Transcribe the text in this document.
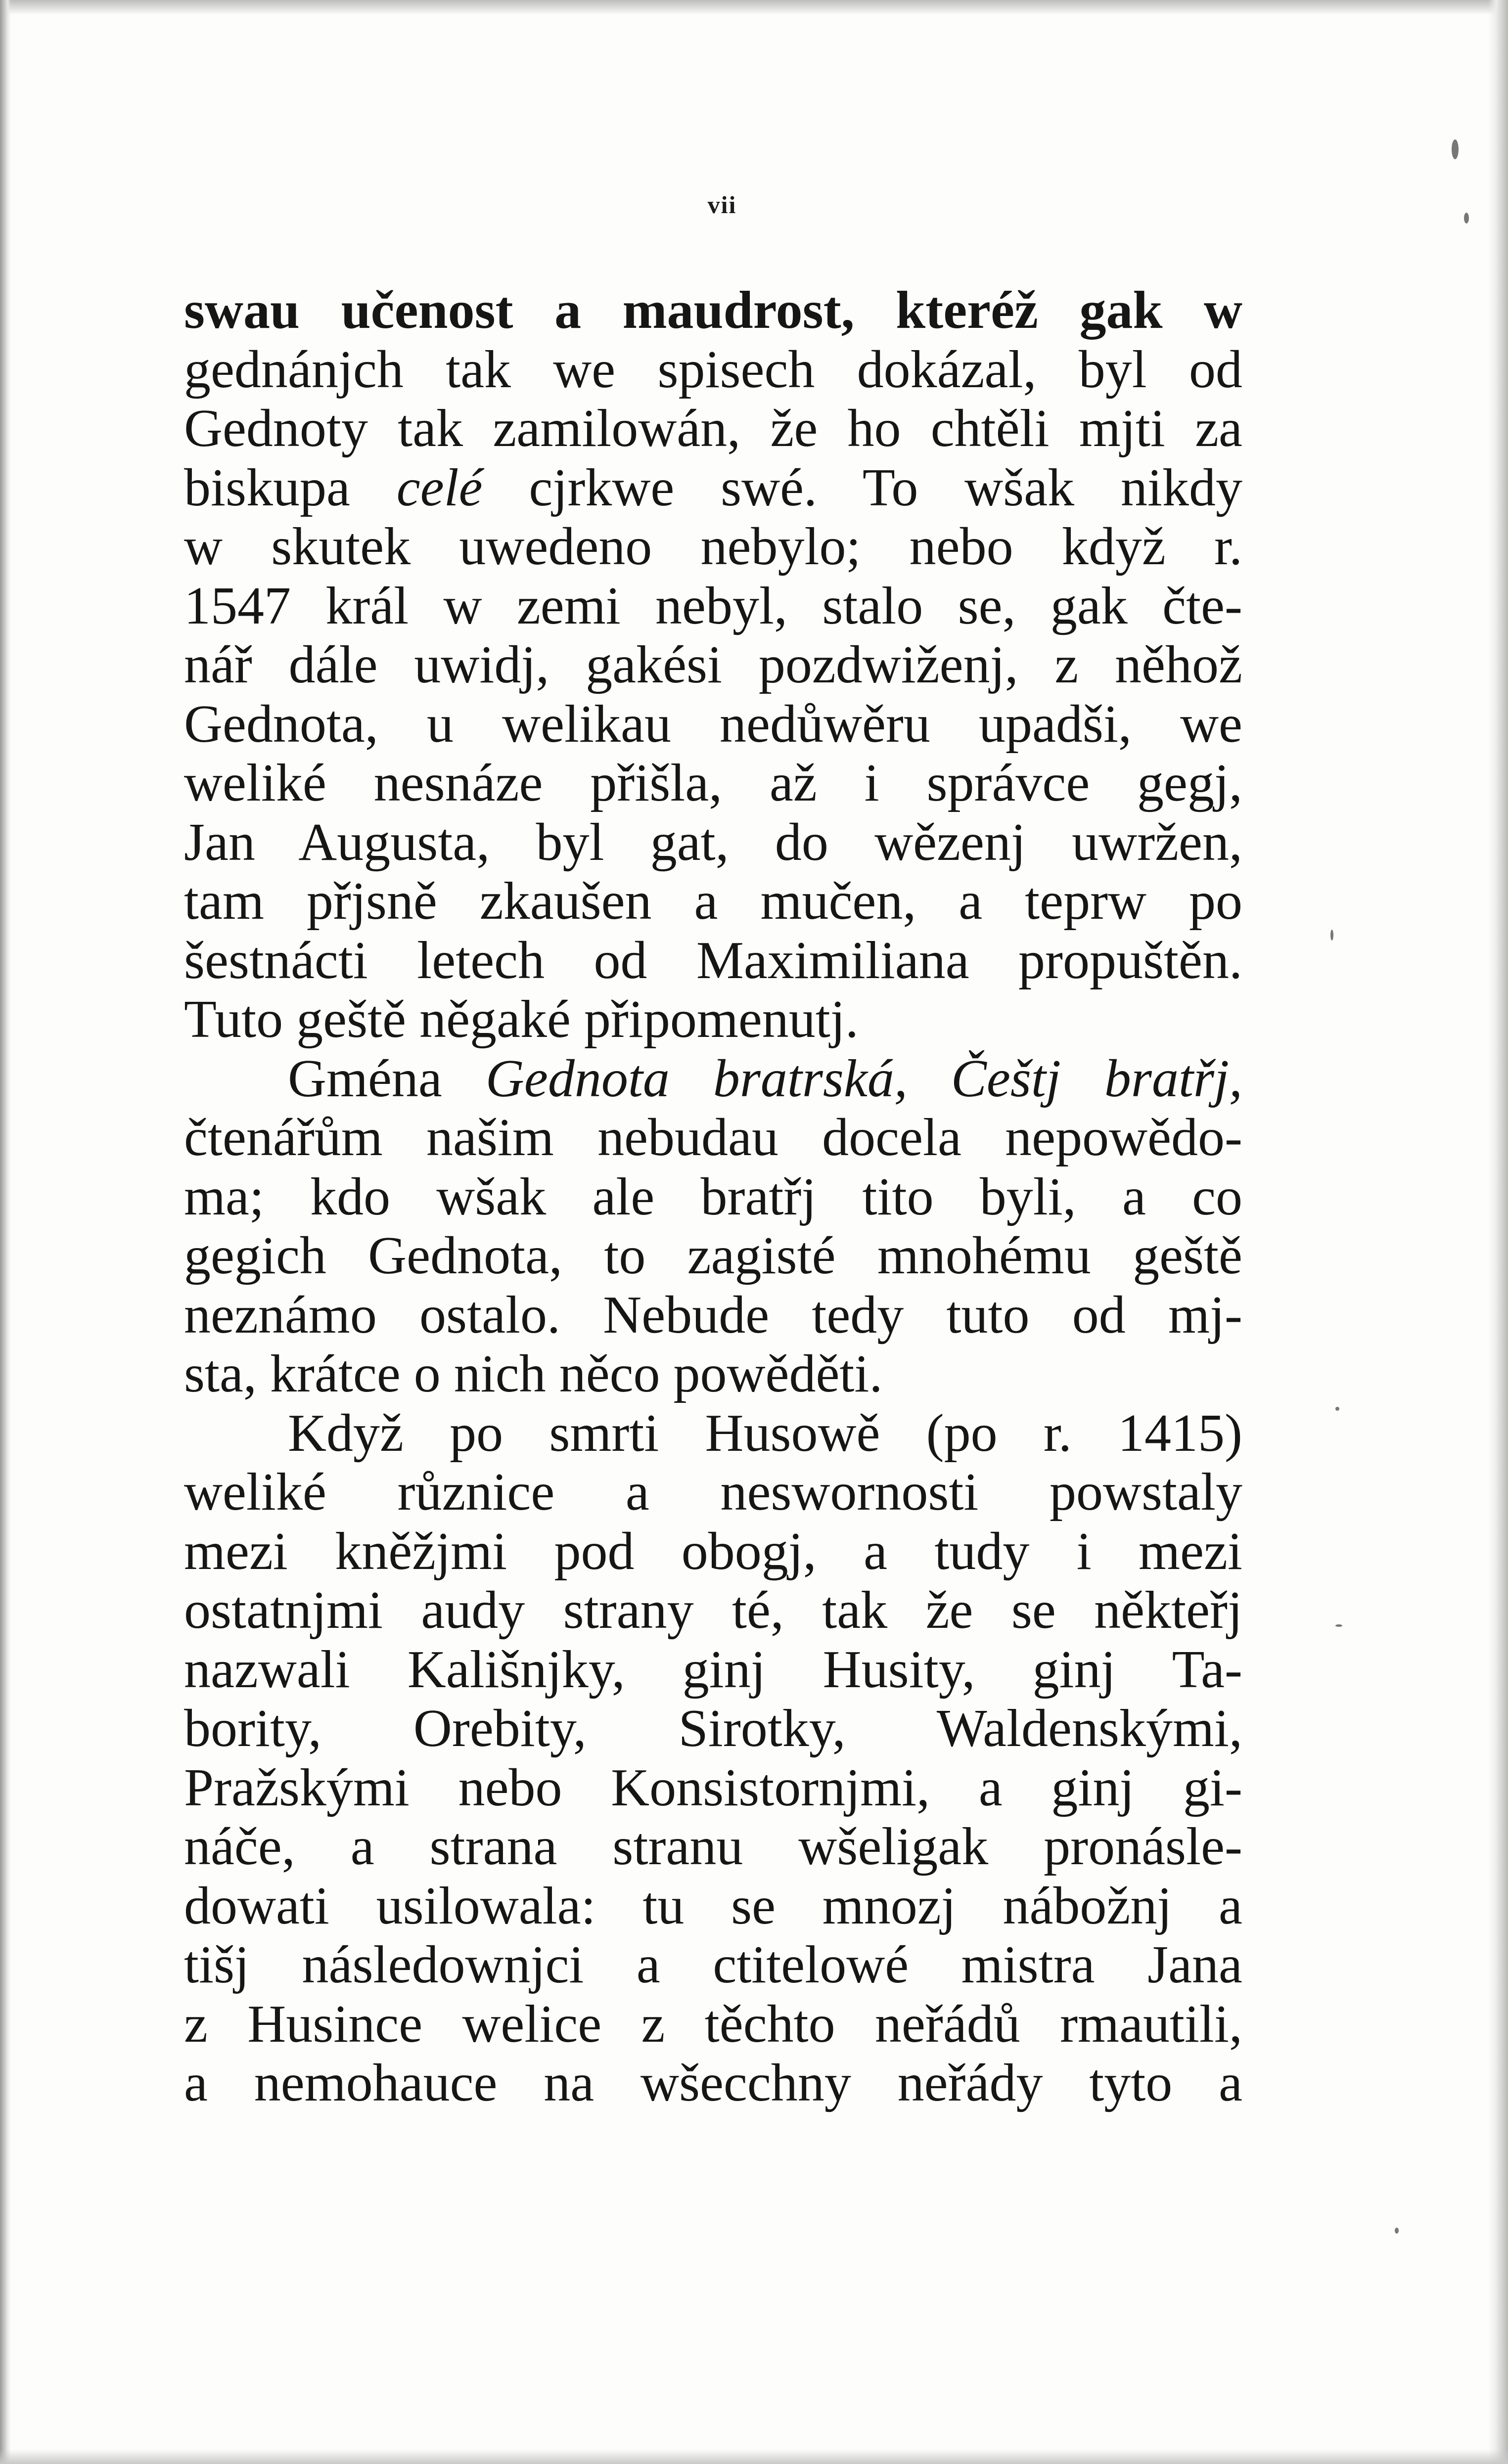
vii
swau učenost a maudrost, kteréž gak w
gednánjch tak we spisech dokázal, byl od
Gednoty tak zamilowán, že ho chtěli mjti za
biskupa celé cjrkwe swé. To wšak nikdy
w skutek uwedeno nebylo; nebo když r.
1547 král w zemi nebyl, stalo se, gak čte-
nář dále uwidj, gakési pozdwiženj, z něhož
Gednota, u welikau nedůwěru upadši, we
weliké nesnáze přišla, až i správce gegj,
Jan Augusta, byl gat, do wězenj uwržen,
tam přjsně zkaušen a mučen, a teprw po
šestnácti letech od Maximiliana propuštěn.
Tuto geště něgaké připomenutj.
Gména Gednota bratrská, Češtj bratřj,
čtenářům našim nebudau docela nepowědo-
ma; kdo wšak ale bratřj tito byli, a co
gegich Gednota, to zagisté mnohému geště
neznámo ostalo. Nebude tedy tuto od mj-
sta, krátce o nich něco powěděti.
Když po smrti Husowě (po r. 1415)
weliké různice a neswornosti powstaly
mezi kněžjmi pod obogj, a tudy i mezi
ostatnjmi audy strany té, tak že se někteřj
nazwali Kališnjky, ginj Husity, ginj Ta-
bority, Orebity, Sirotky, Waldenskými,
Pražskými nebo Konsistornjmi, a ginj gi-
náče, a strana stranu wšeligak pronásle-
dowati usilowala: tu se mnozj nábožnj a
tišj následownjci a ctitelowé mistra Jana
z Husince welice z těchto neřádů rmautili,
a nemohauce na wšecchny neřády tyto a
